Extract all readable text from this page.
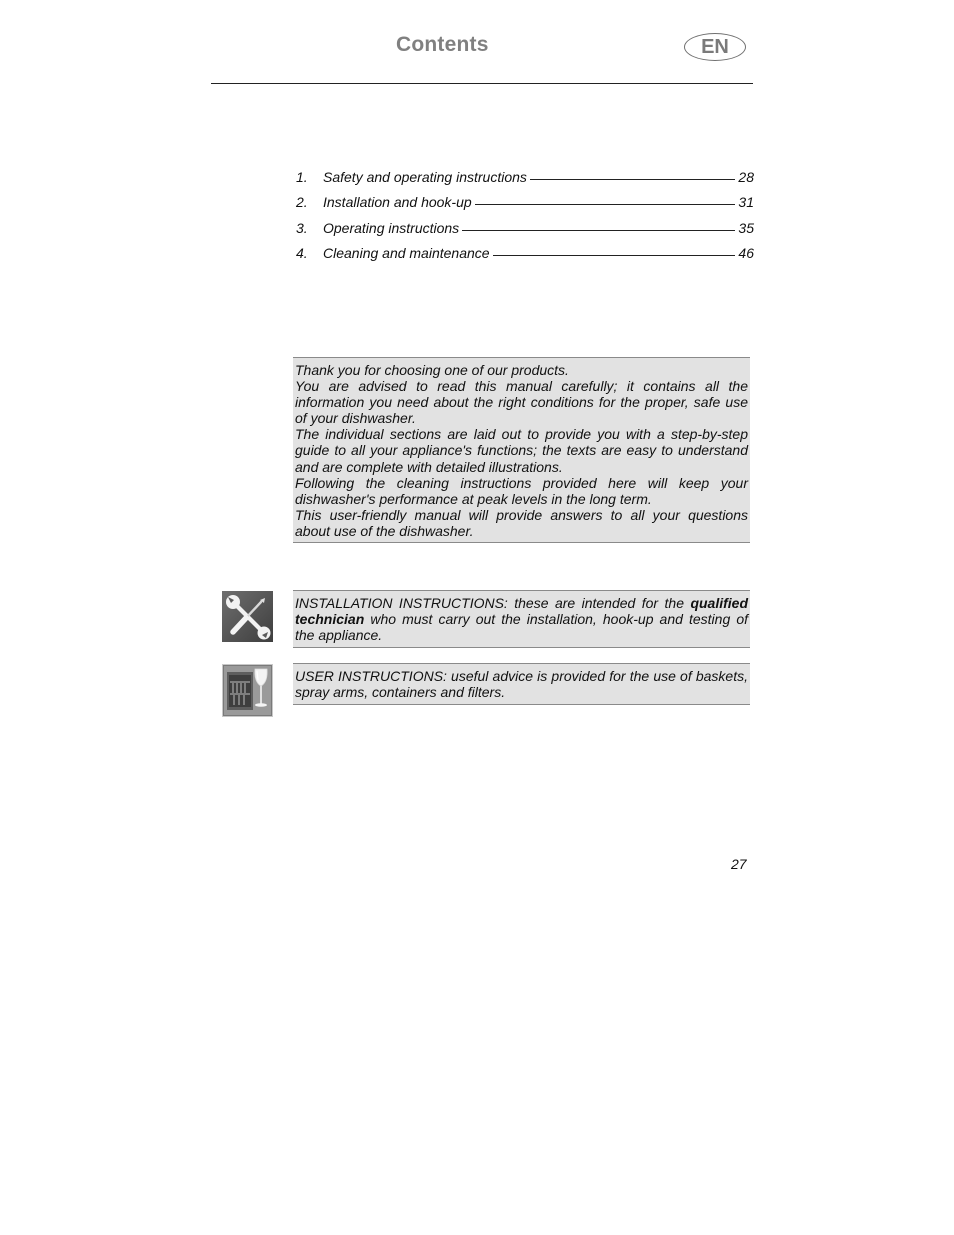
Contents	EN
1.	Safety and operating instructions	28
2.	Installation and hook-up	31
3.	Operating instructions	35
4.	Cleaning and maintenance	46

Thank you for choosing one of our products.

You are advised to read this manual carefully; it contains all the information you need about the right conditions for the proper, safe use of your dishwasher.

The individual sections are laid out to provide you with a step-by-step guide to all your appliance's functions; the texts are easy to understand and are complete with detailed illustrations.

Following the cleaning instructions provided here will keep your dishwasher's performance at peak levels in the long term.

This user-friendly manual will provide answers to all your questions about use of the dishwasher.

INSTALLATION INSTRUCTIONS: these are intended for the qualified technician who must carry out the installation, hook-up and testing of the appliance.
USER INSTRUCTIONS: useful advice is provided for the use of baskets, spray arms, containers and filters.
27
